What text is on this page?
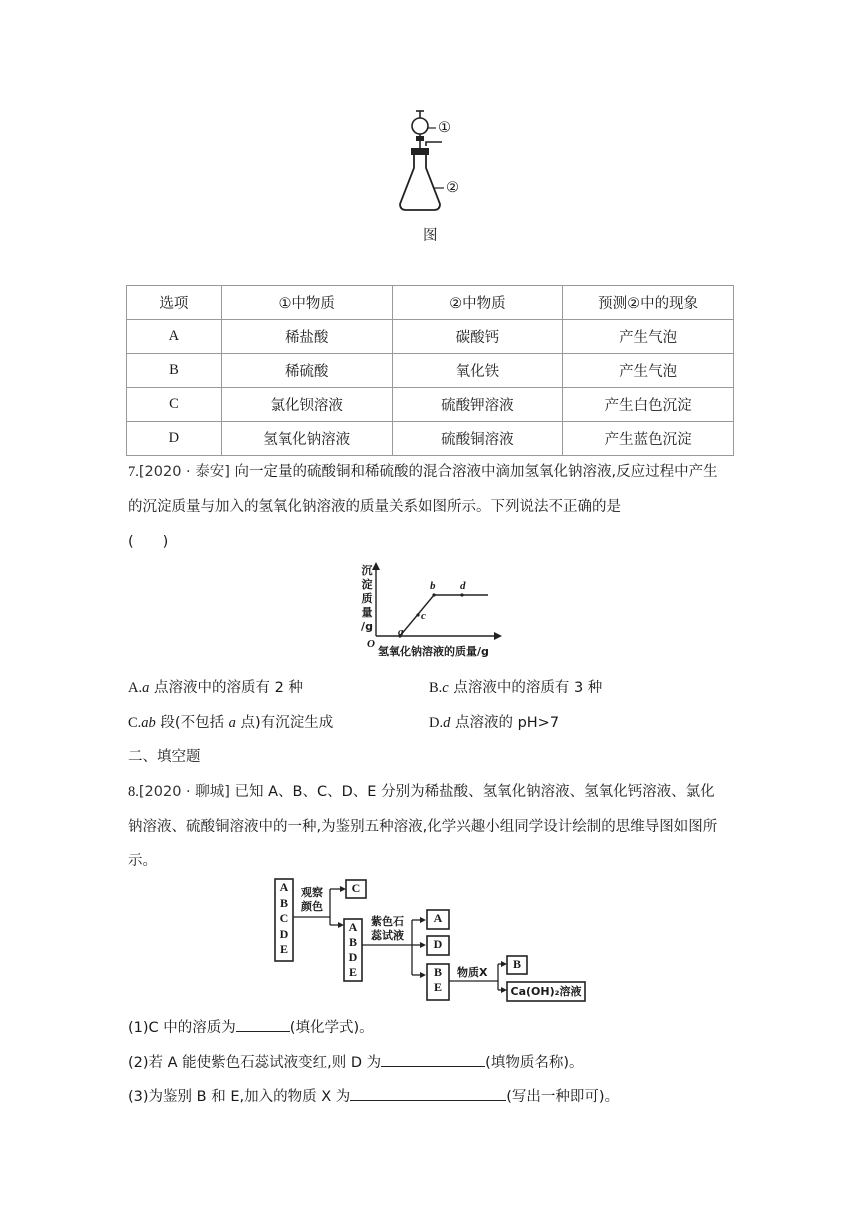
①
②
图
选项	①中物质	②中物质	预测②中的现象
A	稀盐酸	碳酸钙	产生气泡
B	稀硫酸	氧化铁	产生气泡
C	氯化钡溶液	硫酸钾溶液	产生白色沉淀
D	氢氧化钠溶液	硫酸铜溶液	产生蓝色沉淀
7.[2020 · 泰安] 向一定量的硫酸铜和稀硫酸的混合溶液中滴加氢氧化钠溶液,反应过程中产生
的沉淀质量与加入的氢氧化钠溶液的质量关系如图所示。下列说法不正确的是
(　　)
沉
淀
质
量
/g
O
a
b
c
d
氢氧化钠溶液的质量/g
A.a 点溶液中的溶质有 2 种	B.c 点溶液中的溶质有 3 种
C.ab 段(不包括 a 点)有沉淀生成	D.d 点溶液的 pH>7
二、填空题
8.[2020 · 聊城] 已知 A、B、C、D、E 分别为稀盐酸、氢氧化钠溶液、氢氧化钙溶液、氯化
钠溶液、硫酸铜溶液中的一种,为鉴别五种溶液,化学兴趣小组同学设计绘制的思维导图如图所
示。
A
B
C
D
E
观察
颜色
C
A
B
D
E
紫色石
蕊试液
A
D
B
E
物质X
B
Ca(OH)₂溶液
(1)C 中的溶质为	(填化学式)。
(2)若 A 能使紫色石蕊试液变红,则 D 为	(填物质名称)。
(3)为鉴别 B 和 E,加入的物质 X 为	(写出一种即可)。
